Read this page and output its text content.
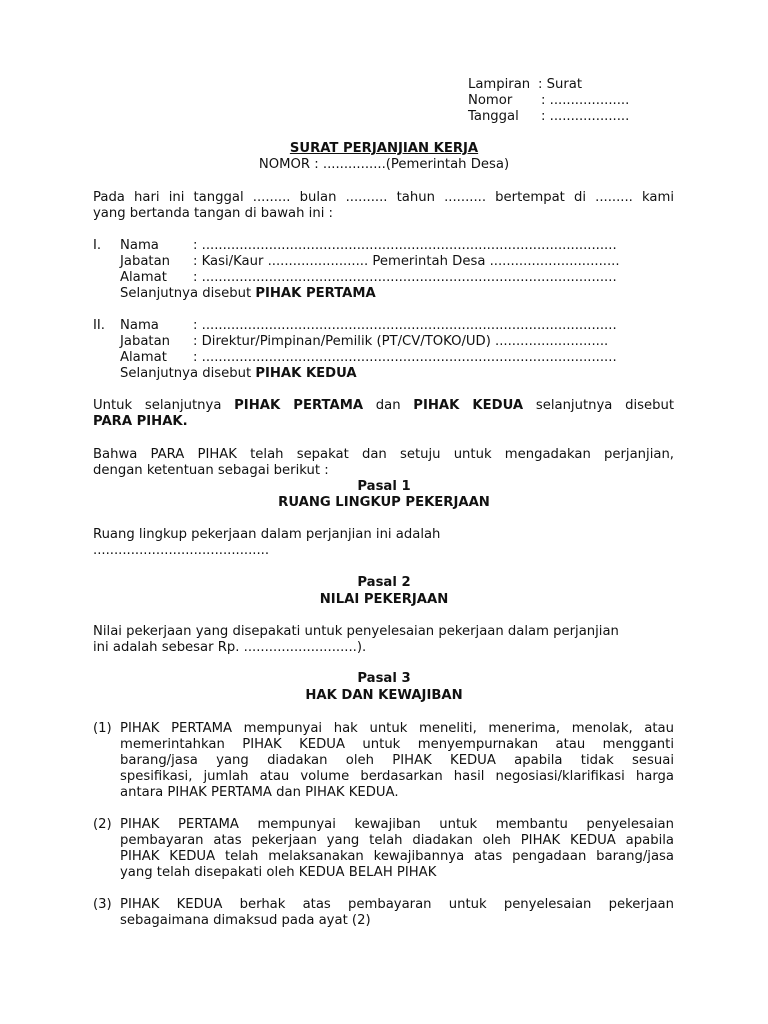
Lampiran : Surat
Nomor : ...................
Tanggal : ...................
SURAT PERJANJIAN KERJA
NOMOR : ...............(Pemerintah Desa)
Pada hari ini tanggal ......... bulan .......... tahun .......... bertempat di ......... kami
yang bertanda tangan di bawah ini :
I. Nama	: ...................................................................................................
Jabatan : Kasi/Kaur ........................ Pemerintah Desa ...............................
Alamat : ...................................................................................................
Selanjutnya disebut PIHAK PERTAMA
II. Nama	: ...................................................................................................
Jabatan : Direktur/Pimpinan/Pemilik (PT/CV/TOKO/UD) ...........................
Alamat : ...................................................................................................
Selanjutnya disebut PIHAK KEDUA
Untuk selanjutnya PIHAK PERTAMA dan PIHAK KEDUA selanjutnya disebut
PARA PIHAK.
Bahwa PARA PIHAK telah sepakat dan setuju untuk mengadakan perjanjian,
dengan ketentuan sebagai berikut :
Pasal 1
RUANG LINGKUP PEKERJAAN
Ruang lingkup pekerjaan dalam perjanjian ini adalah
..........................................
Pasal 2
NILAI PEKERJAAN
Nilai pekerjaan yang disepakati untuk penyelesaian pekerjaan dalam perjanjian
ini adalah sebesar Rp. ...........................).
Pasal 3
HAK DAN KEWAJIBAN
(1) PIHAK PERTAMA mempunyai hak untuk meneliti, menerima, menolak, atau
memerintahkan PIHAK KEDUA untuk menyempurnakan atau mengganti
barang/jasa yang diadakan oleh PIHAK KEDUA apabila tidak sesuai
spesifikasi, jumlah atau volume berdasarkan hasil negosiasi/klarifikasi harga
antara PIHAK PERTAMA dan PIHAK KEDUA.
(2) PIHAK PERTAMA mempunyai kewajiban untuk membantu penyelesaian
pembayaran atas pekerjaan yang telah diadakan oleh PIHAK KEDUA apabila
PIHAK KEDUA telah melaksanakan kewajibannya atas pengadaan barang/jasa
yang telah disepakati oleh KEDUA BELAH PIHAK
(3) PIHAK KEDUA berhak atas pembayaran untuk penyelesaian pekerjaan
sebagaimana dimaksud pada ayat (2)
